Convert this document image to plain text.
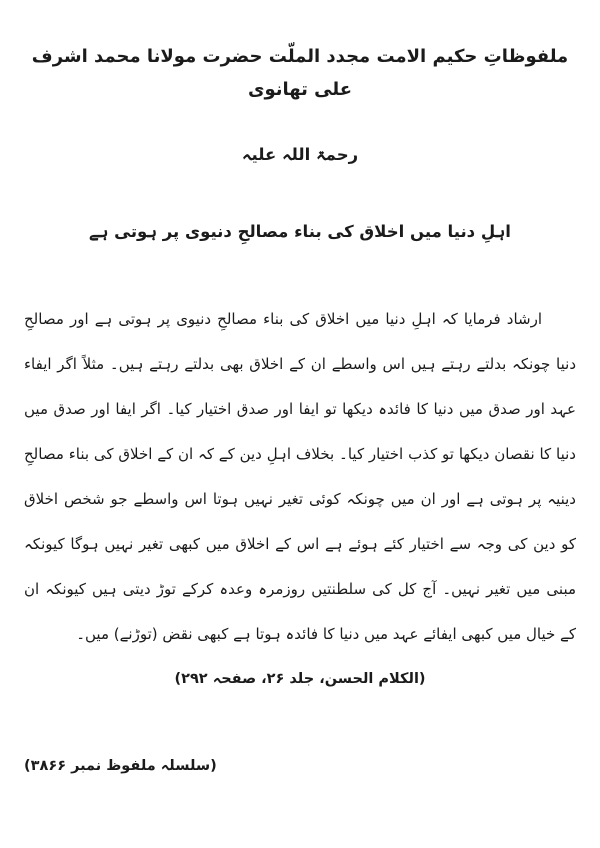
ملفوظاتِ حکیم الامت مجدد الملّت حضرت مولانا محمد اشرف علی تھانوی
رحمۃ اللہ علیہ
اہلِ دنیا میں اخلاق کی بناء مصالحِ دنیوی پر ہوتی ہے
ارشاد فرمایا کہ اہلِ دنیا میں اخلاق کی بناء مصالحِ دنیوی پر ہوتی ہے اور مصالحِ دنیا چونکہ بدلتے رہتے ہیں اس واسطے ان کے اخلاق بھی بدلتے رہتے ہیں۔ مثلاً اگر ایفاء عہد اور صدق میں دنیا کا فائدہ دیکھا تو ایفا اور صدق اختیار کیا۔ اگر ایفا اور صدق میں دنیا کا نقصان دیکھا تو کذب اختیار کیا۔ بخلاف اہلِ دین کے کہ ان کے اخلاق کی بناء مصالحِ دینیہ پر ہوتی ہے اور ان میں چونکہ کوئی تغیر نہیں ہوتا اس واسطے جو شخص اخلاق کو دین کی وجہ سے اختیار کئے ہوئے ہے اس کے اخلاق میں کبھی تغیر نہیں ہوگا کیونکہ مبنی میں تغیر نہیں۔ آج کل کی سلطنتیں روزمرہ وعدہ کرکے توڑ دیتی ہیں کیونکہ ان کے خیال میں کبھی ایفائے عہد میں دنیا کا فائدہ ہوتا ہے کبھی نقض (توڑنے) میں۔
(الکلام الحسن، جلد ۲۶، صفحہ ۲۹۲)
(سلسلہ ملفوظ نمبر ۳۸۶۶)
